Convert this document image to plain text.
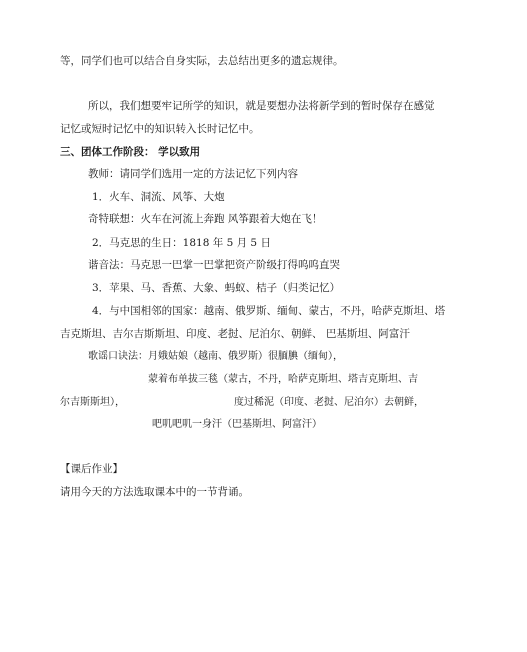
等，同学们也可以结合自身实际，去总结出更多的遗忘规律。
所以，我们想要牢记所学的知识，就是要想办法将新学到的暂时保存在感觉
记忆或短时记忆中的知识转入长时记忆中。
三、团体工作阶段： 学以致用
教师：请同学们选用一定的方法记忆下列内容
1．火车、洞流、风筝、大炮
奇特联想：火车在河流上奔跑 风筝跟着大炮在飞！
2．马克思的生日：1818 年 5 月 5 日
谐音法：马克思一巴掌一巴掌把资产阶级打得呜呜直哭
3．苹果、马、香蕉、大象、蚂蚁、桔子（归类记忆）
4．与中国相邻的国家：越南、俄罗斯、缅甸、蒙古，不丹，哈萨克斯坦、塔
吉克斯坦、吉尔吉斯斯坦、印度、老挝、尼泊尔、朝鲜、 巴基斯坦、阿富汗
歌谣口诀法：月娥姑娘（越南、俄罗斯）很腼腆（缅甸），
蒙着布单拔三毯（蒙古，不丹，哈萨克斯坦、塔吉克斯坦、吉
尔吉斯斯坦），	度过稀泥（印度、老挝、尼泊尔）去朝鲜，
吧叽吧叽一身汗（巴基斯坦、阿富汗）
【课后作业】
请用今天的方法选取课本中的一节背诵。
